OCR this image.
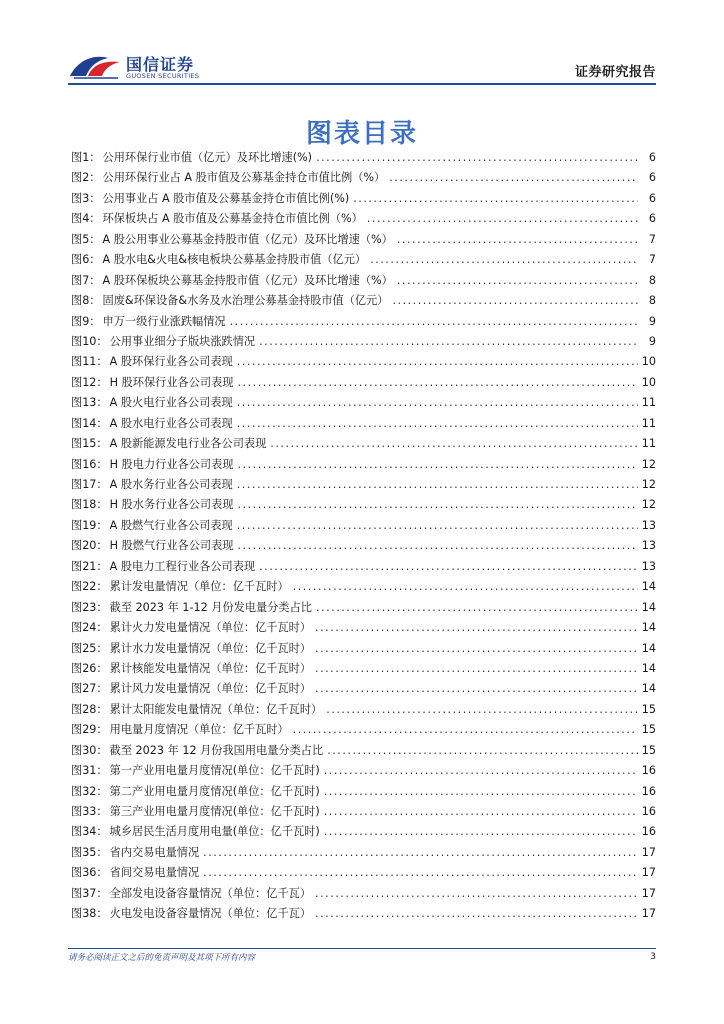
国信证券
GUOSEN SECURITIES	证券研究报告
图表目录
图1： 公用环保行业市值（亿元）及环比增速(%) .....	6
图2： 公用环保行业占 A 股市值及公募基金持仓市值比例（%） .....	6
图3： 公用事业占 A 股市值及公募基金持仓市值比例(%) .....	6
图4： 环保板块占 A 股市值及公募基金持仓市值比例（%） .....	6
图5： A 股公用事业公募基金持股市值（亿元）及环比增速（%） .....	7
图6： A 股水电&火电&核电板块公募基金持股市值（亿元） .....	7
图7： A 股环保板块公募基金持股市值（亿元）及环比增速（%） .....	8
图8： 固废&环保设备&水务及水治理公募基金持股市值（亿元） .....	8
图9： 申万一级行业涨跌幅情况 .....	9
图10： 公用事业细分子版块涨跌情况 .....	9
图11： A 股环保行业各公司表现 .....	10
图12： H 股环保行业各公司表现 .....	10
图13： A 股火电行业各公司表现 .....	11
图14： A 股水电行业各公司表现 .....	11
图15： A 股新能源发电行业各公司表现 .....	11
图16： H 股电力行业各公司表现 .....	12
图17： A 股水务行业各公司表现 .....	12
图18： H 股水务行业各公司表现 .....	12
图19： A 股燃气行业各公司表现 .....	13
图20： H 股燃气行业各公司表现 .....	13
图21： A 股电力工程行业各公司表现 .....	13
图22： 累计发电量情况（单位：亿千瓦时） .....	14
图23： 截至 2023 年 1-12 月份发电量分类占比 .....	14
图24： 累计火力发电量情况（单位：亿千瓦时） .....	14
图25： 累计水力发电量情况（单位：亿千瓦时） .....	14
图26： 累计核能发电量情况（单位：亿千瓦时） .....	14
图27： 累计风力发电量情况（单位：亿千瓦时） .....	14
图28： 累计太阳能发电量情况（单位：亿千瓦时） .....	15
图29： 用电量月度情况（单位：亿千瓦时） .....	15
图30： 截至 2023 年 12 月份我国用电量分类占比 .....	15
图31： 第一产业用电量月度情况(单位：亿千瓦时) .....	16
图32： 第二产业用电量月度情况(单位：亿千瓦时) .....	16
图33： 第三产业用电量月度情况(单位：亿千瓦时) .....	16
图34： 城乡居民生活月度用电量(单位：亿千瓦时) .....	16
图35： 省内交易电量情况 .....	17
图36： 省间交易电量情况 .....	17
图37： 全部发电设备容量情况（单位：亿千瓦） .....	17
图38： 火电发电设备容量情况（单位：亿千瓦） .....	17
请务必阅读正文之后的免责声明及其项下所有内容	3
